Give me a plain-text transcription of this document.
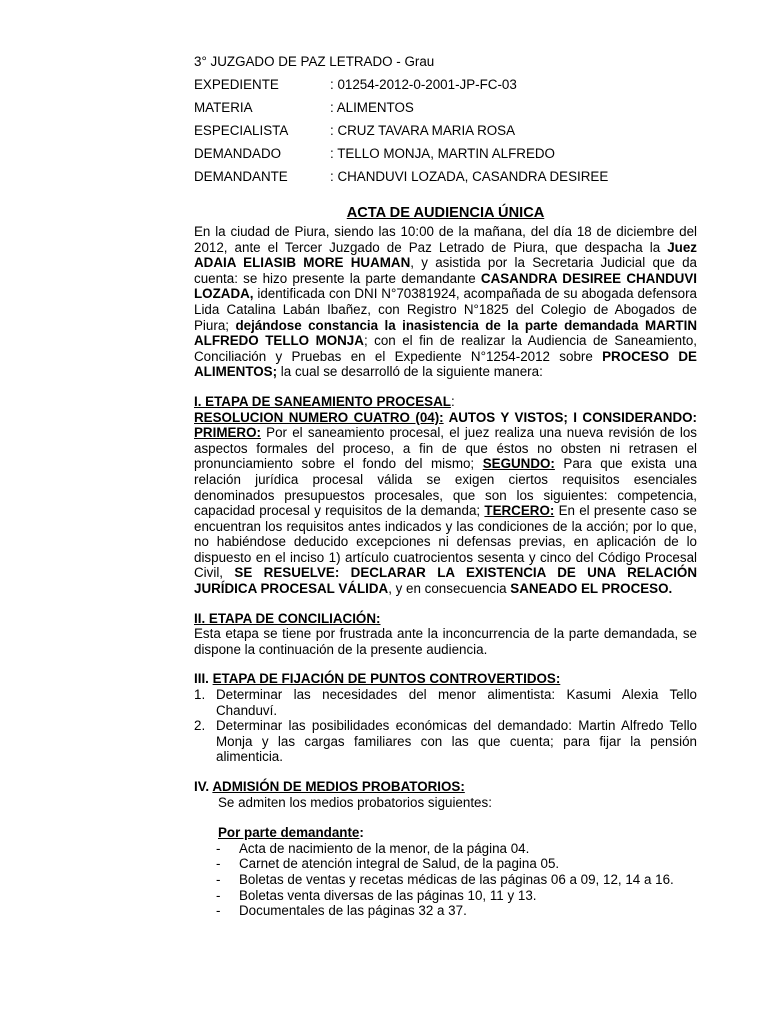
3° JUZGADO DE PAZ LETRADO - Grau
EXPEDIENTE	: 01254-2012-0-2001-JP-FC-03
MATERIA	: ALIMENTOS
ESPECIALISTA	: CRUZ TAVARA MARIA ROSA
DEMANDADO	: TELLO MONJA, MARTIN ALFREDO
DEMANDANTE	: CHANDUVI LOZADA, CASANDRA DESIREE
ACTA DE AUDIENCIA ÚNICA

En la ciudad de Piura, siendo las 10:00 de la mañana, del día 18 de diciembre del 2012, ante el Tercer Juzgado de Paz Letrado de Piura, que despacha la Juez ADAIA ELIASIB MORE HUAMAN, y asistida por la Secretaria Judicial que da cuenta: se hizo presente la parte demandante CASANDRA DESIREE CHANDUVI LOZADA, identificada con DNI N°70381924, acompañada de su abogada defensora Lida Catalina Labán Ibañez, con Registro N°1825 del Colegio de Abogados de Piura; dejándose constancia la inasistencia de la parte demandada MARTIN ALFREDO TELLO MONJA; con el fin de realizar la Audiencia de Saneamiento, Conciliación y Pruebas en el Expediente N°1254-2012 sobre PROCESO DE ALIMENTOS; la cual se desarrolló de la siguiente manera:

I. ETAPA DE SANEAMIENTO PROCESAL:
RESOLUCION NUMERO CUATRO (04): AUTOS Y VISTOS; I CONSIDERANDO: PRIMERO: Por el saneamiento procesal, el juez realiza una nueva revisión de los aspectos formales del proceso, a fin de que éstos no obsten ni retrasen el pronunciamiento sobre el fondo del mismo; SEGUNDO: Para que exista una relación jurídica procesal válida se exigen ciertos requisitos esenciales denominados presupuestos procesales, que son los siguientes: competencia, capacidad procesal y requisitos de la demanda; TERCERO: En el presente caso se encuentran los requisitos antes indicados y las condiciones de la acción; por lo que, no habiéndose deducido excepciones ni defensas previas, en aplicación de lo dispuesto en el inciso 1) artículo cuatrocientos sesenta y cinco del Código Procesal Civil, SE RESUELVE: DECLARAR LA EXISTENCIA DE UNA RELACIÓN JURÍDICA PROCESAL VÁLIDA, y en consecuencia SANEADO EL PROCESO.

II. ETAPA DE CONCILIACIÓN:
Esta etapa se tiene por frustrada ante la inconcurrencia de la parte demandada, se dispone la continuación de la presente audiencia.

III. ETAPA DE FIJACIÓN DE PUNTOS CONTROVERTIDOS:

1. Determinar las necesidades del menor alimentista: Kasumi Alexia Tello Chanduví.
2. Determinar las posibilidades económicas del demandado: Martin Alfredo Tello Monja y las cargas familiares con las que cuenta; para fijar la pensión alimenticia.

IV. ADMISIÓN DE MEDIOS PROBATORIOS:

Se admiten los medios probatorios siguientes:

Por parte demandante:

- Acta de nacimiento de la menor, de la página 04.
- Carnet de atención integral de Salud, de la pagina 05.
- Boletas de ventas y recetas médicas de las páginas 06 a 09, 12, 14 a 16.
- Boletas venta diversas de las páginas 10, 11 y 13.
- Documentales de las páginas 32 a 37.
